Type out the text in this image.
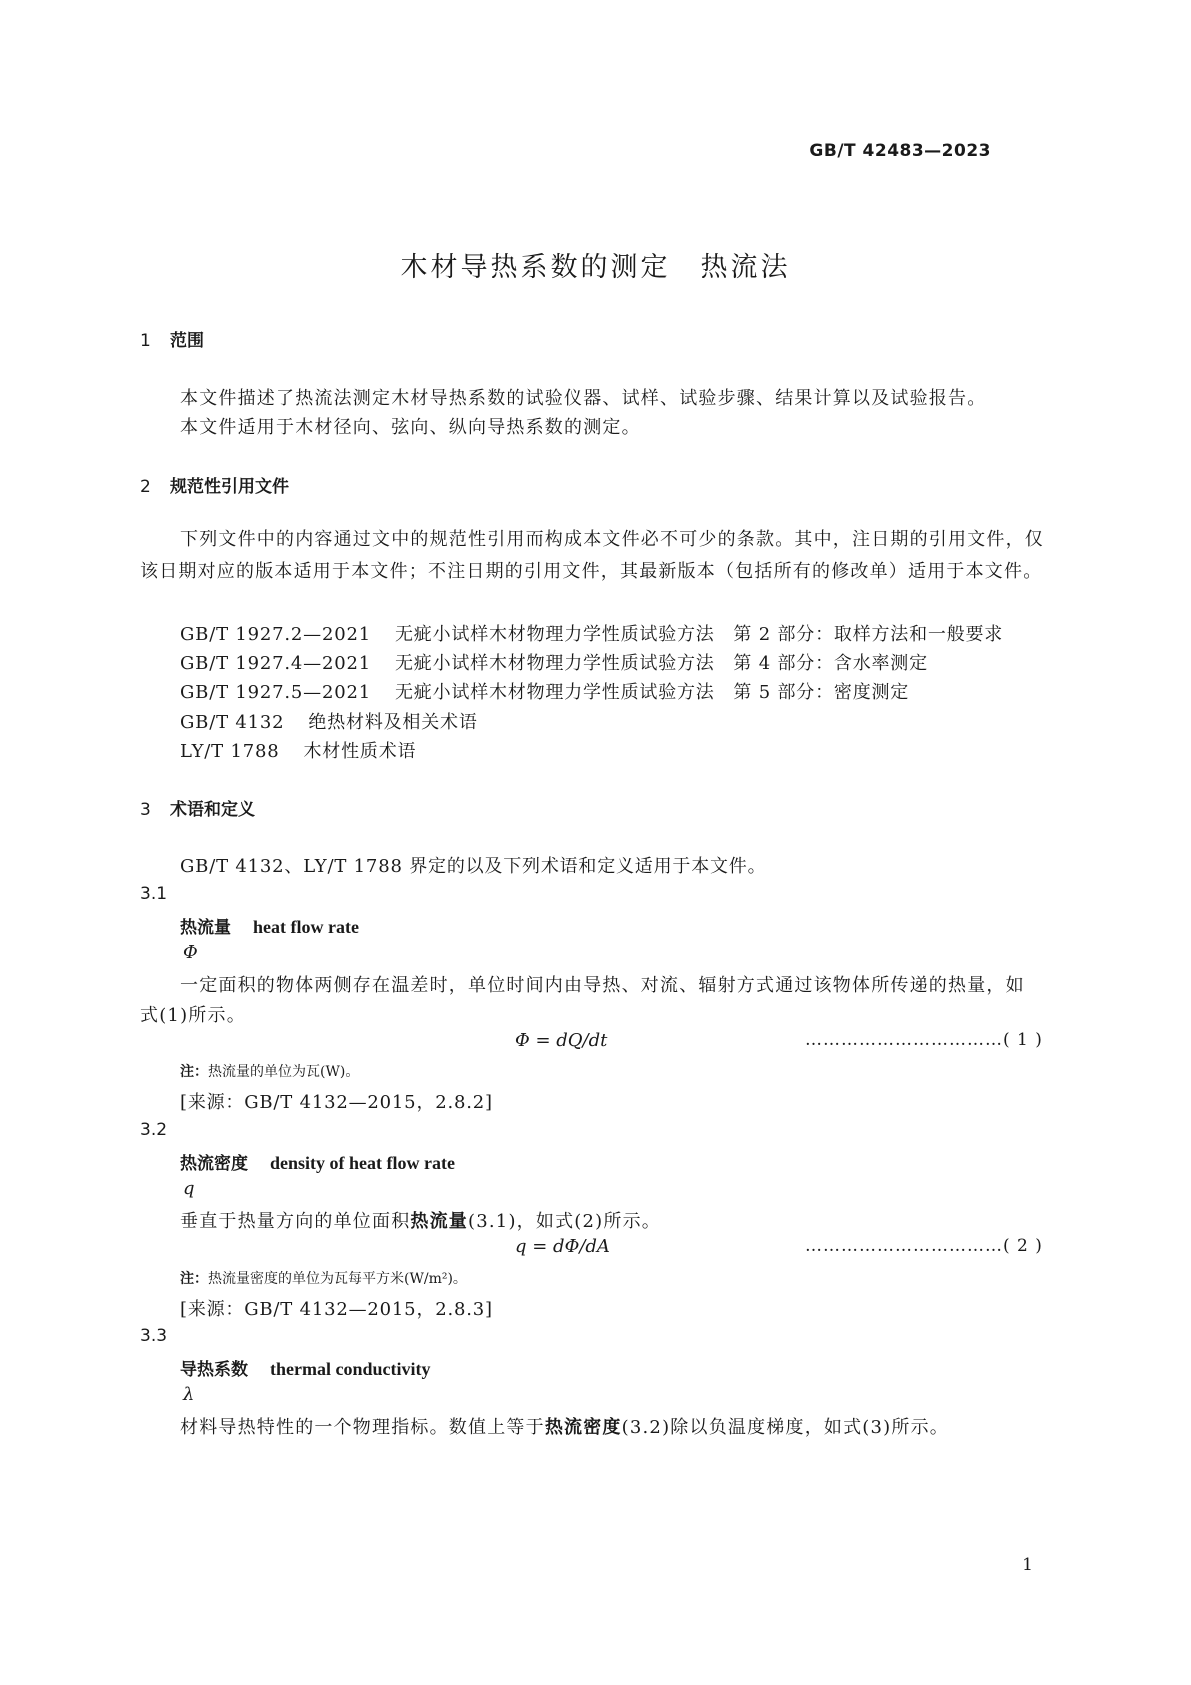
GB/T 42483—2023
木材导热系数的测定　热流法
1 范围
本文件描述了热流法测定木材导热系数的试验仪器、试样、试验步骤、结果计算以及试验报告。
本文件适用于木材径向、弦向、纵向导热系数的测定。
2 规范性引用文件
下列文件中的内容通过文中的规范性引用而构成本文件必不可少的条款。其中，注日期的引用文件，仅该日期对应的版本适用于本文件；不注日期的引用文件，其最新版本（包括所有的修改单）适用于本文件。
GB/T 1927.2—2021 无疵小试样木材物理力学性质试验方法　第 2 部分：取样方法和一般要求
GB/T 1927.4—2021 无疵小试样木材物理力学性质试验方法　第 4 部分：含水率测定
GB/T 1927.5—2021 无疵小试样木材物理力学性质试验方法　第 5 部分：密度测定
GB/T 4132 绝热材料及相关术语
LY/T 1788 木材性质术语
3 术语和定义
GB/T 4132、LY/T 1788 界定的以及下列术语和定义适用于本文件。
3.1
热流量 heat flow rate
Φ
一定面积的物体两侧存在温差时，单位时间内由导热、对流、辐射方式通过该物体所传递的热量，如
式(1)所示。
Φ = dQ/dt	……………………………( 1 )
注：热流量的单位为瓦(W)。
[来源：GB/T 4132—2015，2.8.2]
3.2
热流密度 density of heat flow rate
q
垂直于热量方向的单位面积热流量(3.1)，如式(2)所示。
q = dΦ/dA	……………………………( 2 )
注：热流量密度的单位为瓦每平方米(W/m²)。
[来源：GB/T 4132—2015，2.8.3]
3.3
导热系数 thermal conductivity
λ
材料导热特性的一个物理指标。数值上等于热流密度(3.2)除以负温度梯度，如式(3)所示。
1
